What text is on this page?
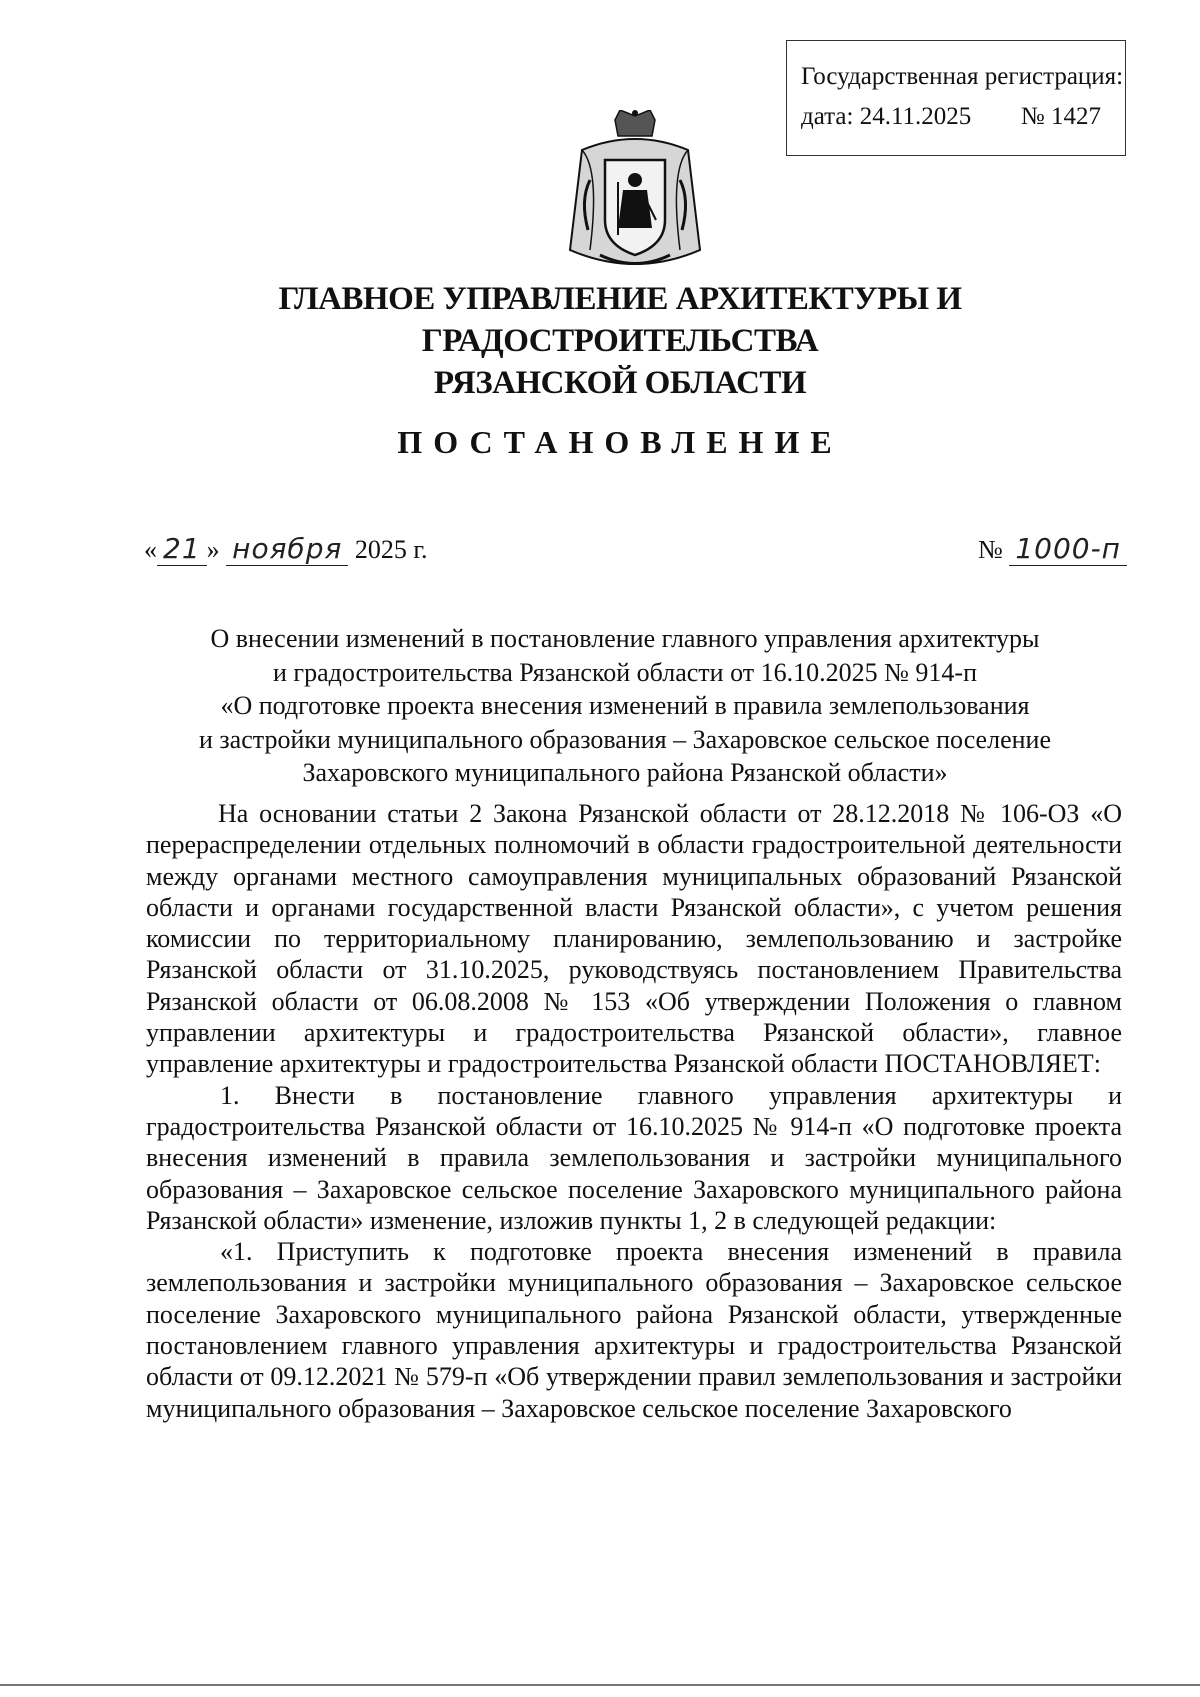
Государственная регистрация:
дата: 24.11.2025 № 1427
ГЛАВНОЕ УПРАВЛЕНИЕ АРХИТЕКТУРЫ И ГРАДОСТРОИТЕЛЬСТВА
РЯЗАНСКОЙ ОБЛАСТИ
ПОСТАНОВЛЕНИЕ
« 21 » ноября 2025 г.	№ 1000-п
О внесении изменений в постановление главного управления архитектуры
и градостроительства Рязанской области от 16.10.2025 № 914-п
«О подготовке проекта внесения изменений в правила землепользования
и застройки муниципального образования – Захаровское сельское поселение
Захаровского муниципального района Рязанской области»

На основании статьи 2 Закона Рязанской области от 28.12.2018 № 106-ОЗ «О перераспределении отдельных полномочий в области градостроительной деятельности между органами местного самоуправления муниципальных образований Рязанской области и органами государственной власти Рязанской области», с учетом решения комиссии по территориальному планированию, землепользованию и застройке Рязанской области от 31.10.2025, руководствуясь постановлением Правительства Рязанской области от 06.08.2008 № 153 «Об утверждении Положения о главном управлении архитектуры и градостроительства Рязанской области», главное управление архитектуры и градостроительства Рязанской области ПОСТАНОВЛЯЕТ:

1. Внести в постановление главного управления архитектуры и градостроительства Рязанской области от 16.10.2025 № 914-п «О подготовке проекта внесения изменений в правила землепользования и застройки муниципального образования – Захаровское сельское поселение Захаровского муниципального района Рязанской области» изменение, изложив пункты 1, 2 в следующей редакции:

«1. Приступить к подготовке проекта внесения изменений в правила землепользования и застройки муниципального образования – Захаровское сельское поселение Захаровского муниципального района Рязанской области, утвержденные постановлением главного управления архитектуры и градостроительства Рязанской области от 09.12.2021 № 579-п «Об утверждении правил землепользования и застройки муниципального образования – Захаровское сельское поселение Захаровского
